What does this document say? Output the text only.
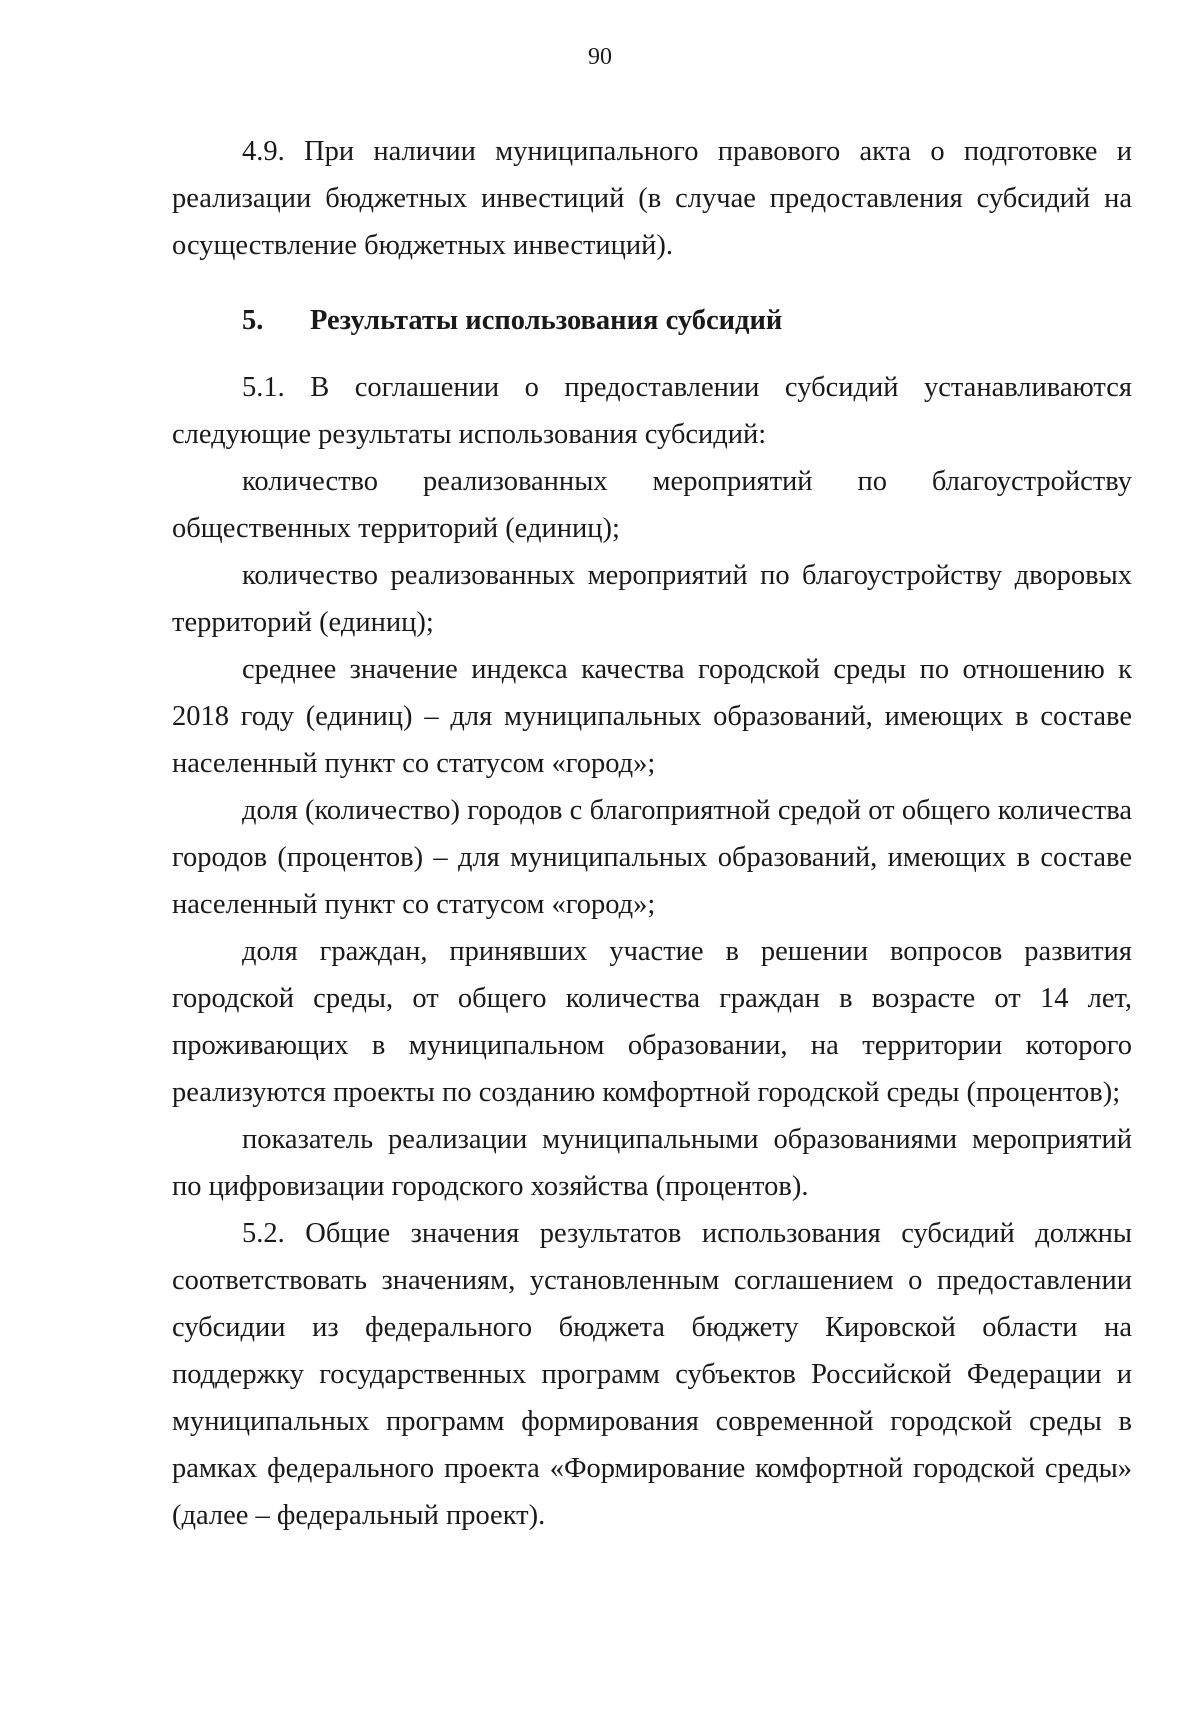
90

4.9. При наличии муниципального правового акта о подготовке и реализации бюджетных инвестиций (в случае предоставления субсидий на осуществление бюджетных инвестиций).

5. Результаты использования субсидий

5.1. В соглашении о предоставлении субсидий устанавливаются следующие результаты использования субсидий:

количество реализованных мероприятий по благоустройству общественных территорий (единиц);

количество реализованных мероприятий по благоустройству дворовых территорий (единиц);

среднее значение индекса качества городской среды по отношению к 2018 году (единиц) – для муниципальных образований, имеющих в составе населенный пункт со статусом «город»;

доля (количество) городов с благоприятной средой от общего количества городов (процентов) – для муниципальных образований, имеющих в составе населенный пункт со статусом «город»;

доля граждан, принявших участие в решении вопросов развития городской среды, от общего количества граждан в возрасте от 14 лет, проживающих в муниципальном образовании, на территории которого реализуются проекты по созданию комфортной городской среды (процентов);

показатель реализации муниципальными образованиями мероприятий по цифровизации городского хозяйства (процентов).

5.2. Общие значения результатов использования субсидий должны соответствовать значениям, установленным соглашением о предоставлении субсидии из федерального бюджета бюджету Кировской области на поддержку государственных программ субъектов Российской Федерации и муниципальных программ формирования современной городской среды в рамках федерального проекта «Формирование комфортной городской среды» (далее – федеральный проект).
